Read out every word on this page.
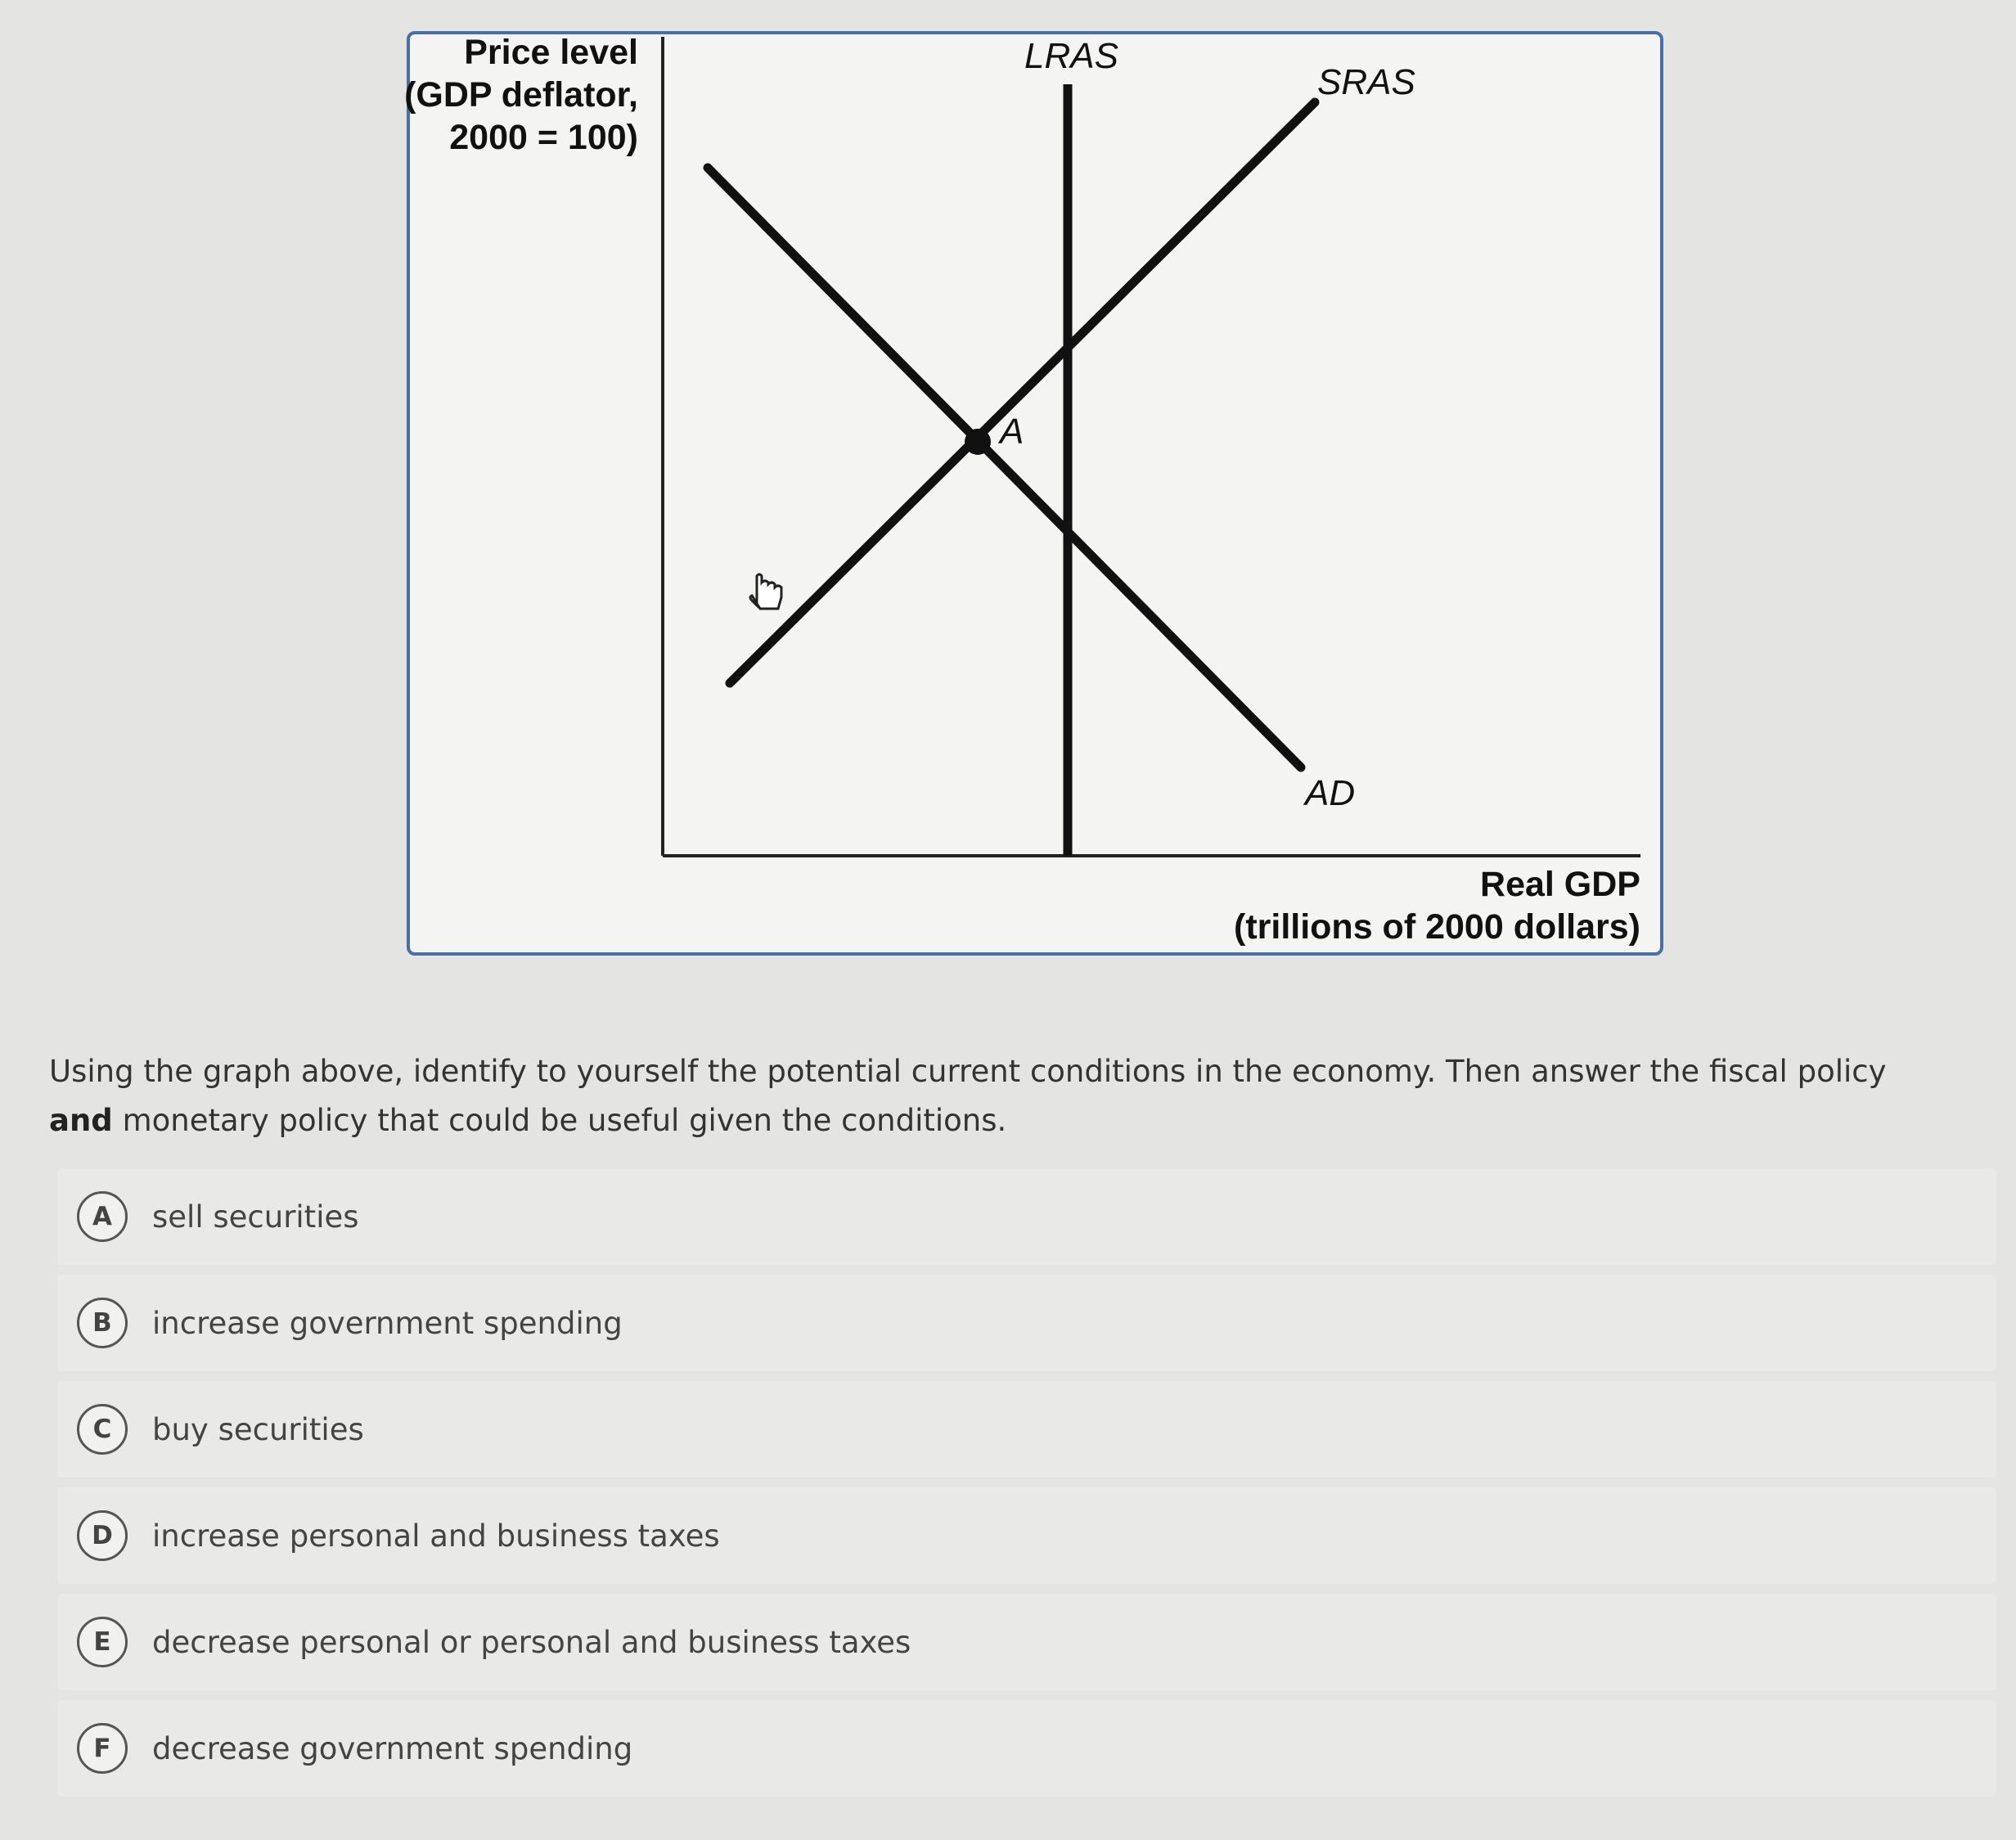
Price level
(GDP deflator,
2000 = 100)
Real GDP
(trillions of 2000 dollars)
LRAS
SRAS
AD
A
Using the graph above, identify to yourself the potential current conditions in the economy. Then answer the fiscal policy and monetary policy that could be useful given the conditions.
A	sell securities
B	increase government spending
C	buy securities
D	increase personal and business taxes
E	decrease personal or personal and business taxes
F	decrease government spending
